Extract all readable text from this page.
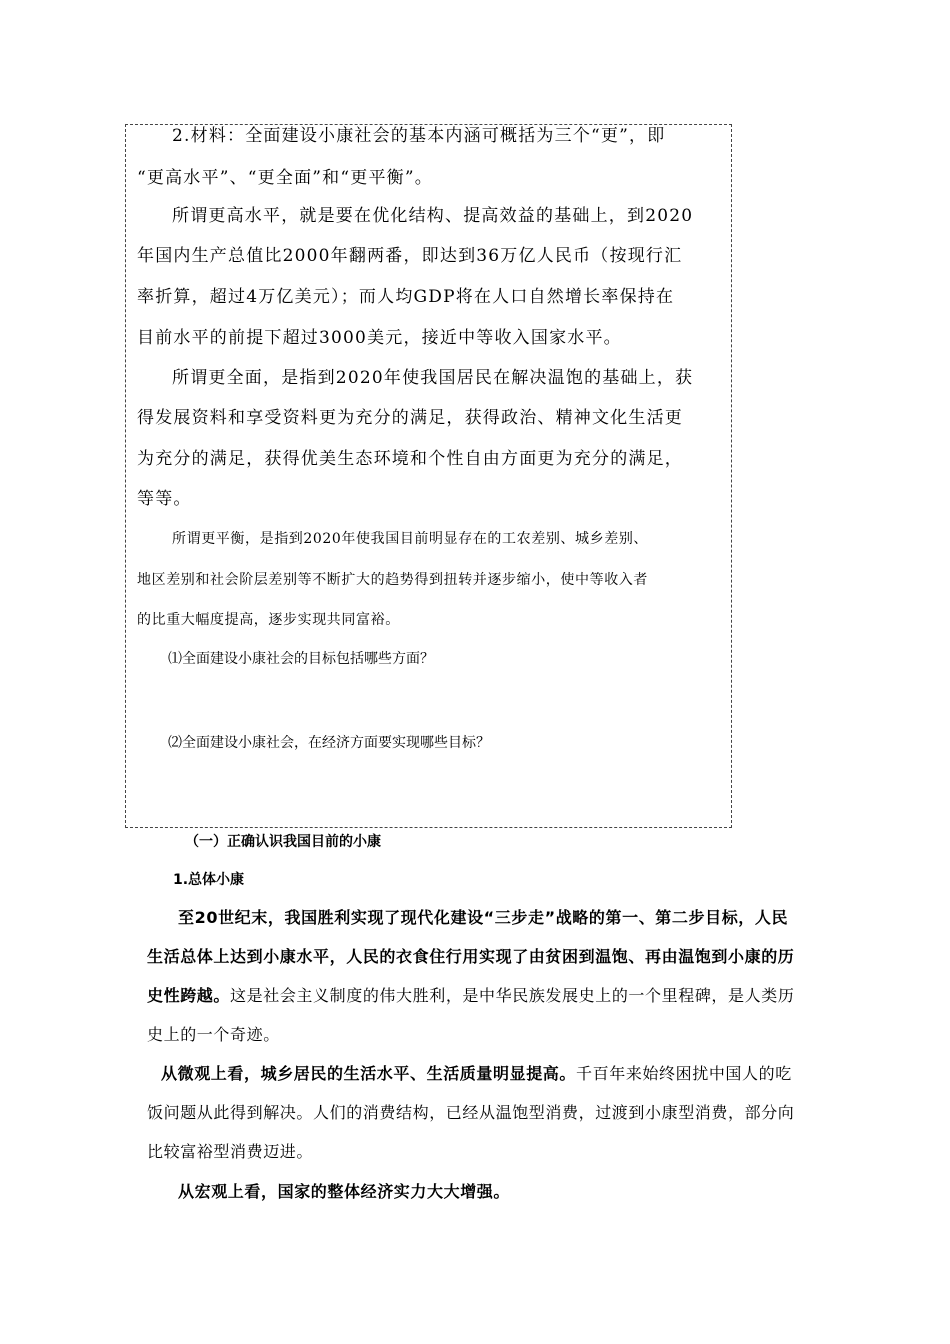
2.材料：全面建设小康社会的基本内涵可概括为三个“更”，即
“更高水平”、“更全面”和“更平衡”。
所谓更高水平，就是要在优化结构、提高效益的基础上，到2020
年国内生产总值比2000年翻两番，即达到36万亿人民币（按现行汇
率折算，超过4万亿美元）；而人均GDP将在人口自然增长率保持在
目前水平的前提下超过3000美元，接近中等收入国家水平。
所谓更全面，是指到2020年使我国居民在解决温饱的基础上，获
得发展资料和享受资料更为充分的满足，获得政治、精神文化生活更
为充分的满足，获得优美生态环境和个性自由方面更为充分的满足，
等等。
所谓更平衡，是指到2020年使我国目前明显存在的工农差别、城乡差别、
地区差别和社会阶层差别等不断扩大的趋势得到扭转并逐步缩小，使中等收入者
的比重大幅度提高，逐步实现共同富裕。
⑴全面建设小康社会的目标包括哪些方面？
⑵全面建设小康社会，在经济方面要实现哪些目标？
（一）正确认识我国目前的小康
1.总体小康
至20世纪末，我国胜利实现了现代化建设“三步走”战略的第一、第二步目标，人民
生活总体上达到小康水平，人民的衣食住行用实现了由贫困到温饱、再由温饱到小康的历
史性跨越。这是社会主义制度的伟大胜利，是中华民族发展史上的一个里程碑，是人类历
史上的一个奇迹。
从微观上看，城乡居民的生活水平、生活质量明显提高。千百年来始终困扰中国人的吃
饭问题从此得到解决。人们的消费结构，已经从温饱型消费，过渡到小康型消费，部分向
比较富裕型消费迈进。
从宏观上看，国家的整体经济实力大大增强。
